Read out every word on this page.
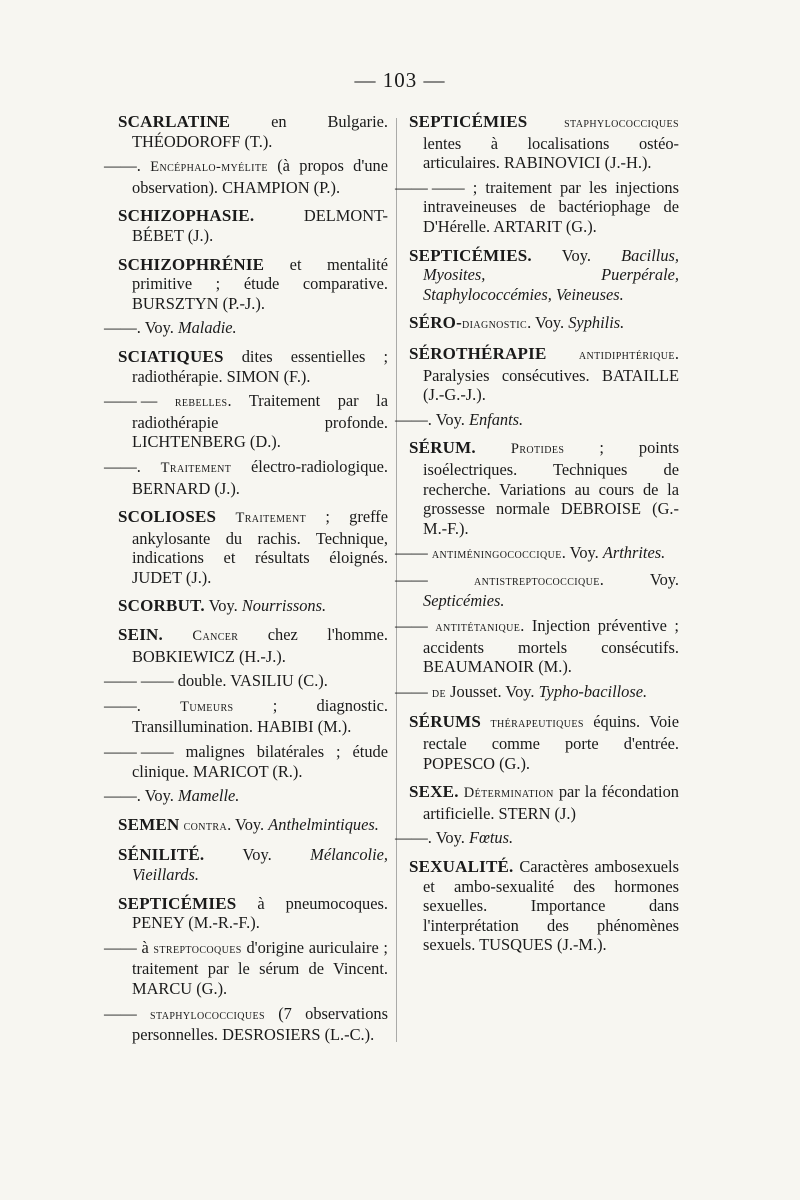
— 103 —

SCARLATINE en Bulgarie. THÉODOROFF (T.).

——. Encéphalo-myélite (à propos d'une observation). CHAMPION (P.).

SCHIZOPHASIE. DELMONT-BÉBET (J.).

SCHIZOPHRÉNIE et mentalité primitive ; étude comparative. BURSZTYN (P.-J.).

——. Voy. Maladie.

SCIATIQUES dites essentielles ; radiothérapie. SIMON (F.).

—— — rebelles. Traitement par la radiothérapie profonde. LICHTENBERG (D.).

——. Traitement électro-radiologique. BERNARD (J.).

SCOLIOSES Traitement ; greffe ankylosante du rachis. Technique, indications et résultats éloignés. JUDET (J.).

SCORBUT. Voy. Nourrissons.

SEIN. Cancer chez l'homme. BOBKIEWICZ (H.-J.).

—— —— double. VASILIU (C.).

——.	Tumeurs ; diagnostic. Transillumination. HABIBI (M.).

—— —— malignes bilatérales ; étude clinique. MARICOT (R.).

——. Voy. Mamelle.

SEMEN contra. Voy. Anthelmintiques.

SÉNILITÉ. Voy. Mélancolie, Vieillards.

SEPTICÉMIES à pneumocoques. PENEY (M.-R.-F.).

—— à streptocoques d'origine auriculaire ; traitement par le sérum de Vincent. MARCU (G.).

—— staphylococciques (7 observations personnelles. DESROSIERS (L.-C.).

SEPTICÉMIES	staphylococciques lentes à localisations ostéo-articulaires. RABINOVICI (J.-H.).

—— —— ; traitement par les injections intraveineuses de bactériophage de D'Hérelle. ARTARIT (G.).

SEPTICÉMIES. Voy. Bacillus, Myosites, Puerpérale, Staphylococcémies, Veineuses.

SÉRO-diagnostic. Voy. Syphilis.

SÉROTHÉRAPIE antidiphtérique. Paralysies consécutives. BATAILLE (J.-G.-J.).

——. Voy. Enfants.

SÉRUM. Protides ; points isoélectriques. Techniques de recherche. Variations au cours de la grossesse normale DEBROISE (G.-M.-F.).

—— antiméningococcique. Voy. Arthrites.

——	antistreptococcique. Voy. Septicémies.

—— antitétanique. Injection préventive ; accidents mortels consécutifs. BEAUMANOIR (M.).

—— de Jousset. Voy. Typho-bacillose.

SÉRUMS thérapeutiques équins. Voie rectale comme porte d'entrée. POPESCO (G.).

SEXE. Détermination par la fécondation artificielle. STERN (J.)

——. Voy. Fœtus.

SEXUALITÉ. Caractères ambosexuels et ambo-sexualité des hormones sexuelles. Importance dans l'interprétation des phénomènes sexuels. TUSQUES (J.-M.).
